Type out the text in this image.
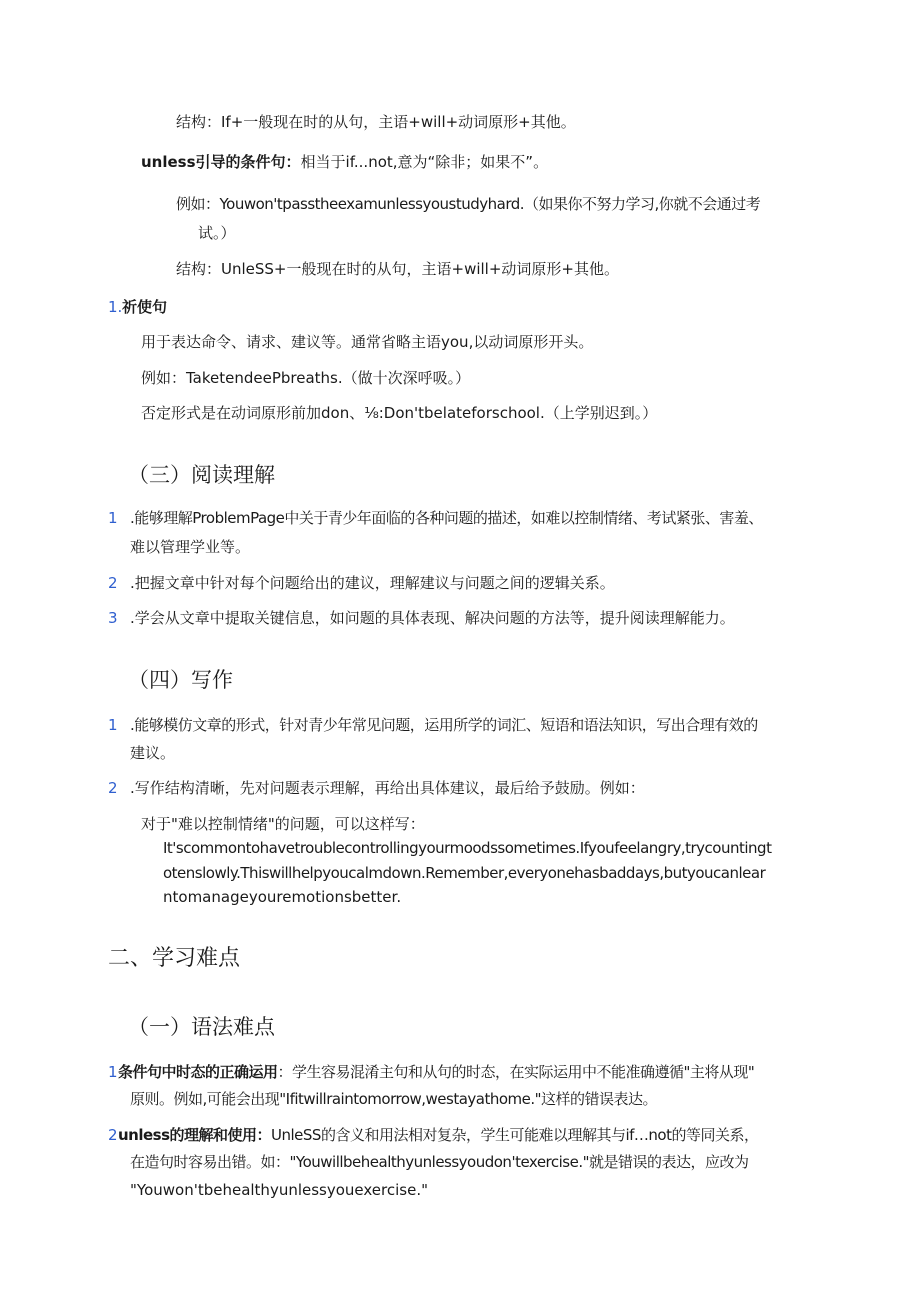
结构：If+一般现在时的从句，主语+will+动词原形+其他。
unless引导的条件句：相当于if...not,意为“除非；如果不”。
例如：Youwon'tpasstheexamunlessyoustudyhard.（如果你不努力学习,你就不会通过考
试。）
结构：UnleSS+一般现在时的从句，主语+will+动词原形+其他。
1. 祈使句
用于表达命令、请求、建议等。通常省略主语you,以动词原形开头。
例如：TaketendeePbreaths.（做十次深呼吸。）
否定形式是在动词原形前加don、⅛:Don'tbelateforschool.（上学别迟到。）
（三）阅读理解
1 .能够理解ProblemPage中关于青少年面临的各种问题的描述，如难以控制情绪、考试紧张、害羞、
难以管理学业等。
2 .把握文章中针对每个问题给出的建议，理解建议与问题之间的逻辑关系。
3 .学会从文章中提取关键信息，如问题的具体表现、解决问题的方法等，提升阅读理解能力。
（四）写作
1 .能够模仿文章的形式，针对青少年常见问题，运用所学的词汇、短语和语法知识，写出合理有效的
建议。
2 .写作结构清晰，先对问题表示理解，再给出具体建议，最后给予鼓励。例如：
对于"难以控制情绪"的问题，可以这样写：
It'scommontohavetroublecontrollingyourmoodssometimes.Ifyoufeelangry,trycountingt
otenslowly.Thiswillhelpyoucalmdown.Remember,everyonehasbaddays,butyoucanlear
ntomanageyouremotionsbetter.
二、学习难点
（一）语法难点
1 条件句中时态的正确运用：学生容易混淆主句和从句的时态，在实际运用中不能准确遵循"主将从现"
原则。例如,可能会出现"Ifitwillraintomorrow,westayathome."这样的错误表达。
2 unless的理解和使用：UnleSS的含义和用法相对复杂，学生可能难以理解其与if…not的等同关系，
在造句时容易出错。如："Youwillbehealthyunlessyoudon'texercise."就是错误的表达，应改为
"Youwon'tbehealthyunlessyouexercise."
